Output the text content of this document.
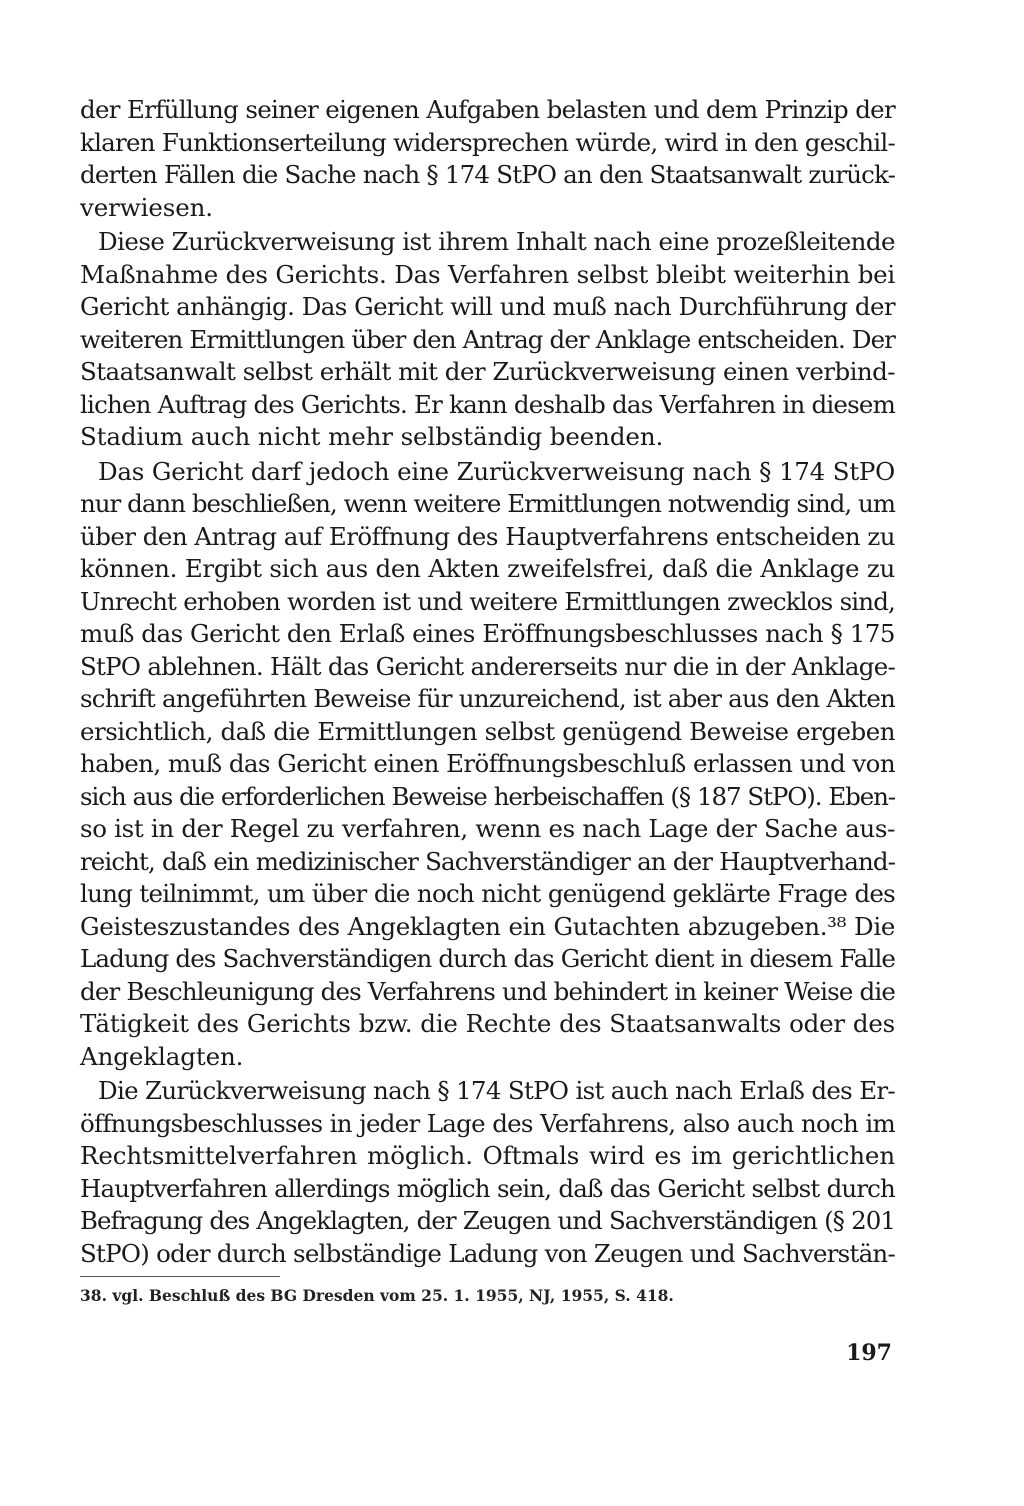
der Erfüllung seiner eigenen Aufgaben belasten und dem Prinzip der
klaren Funktionserteilung widersprechen würde, wird in den geschil-
derten Fällen die Sache nach § 174 StPO an den Staatsanwalt zurück-
verwiesen.

Diese Zurückverweisung ist ihrem Inhalt nach eine prozeßleitende
Maßnahme des Gerichts. Das Verfahren selbst bleibt weiterhin bei
Gericht anhängig. Das Gericht will und muß nach Durchführung der
weiteren Ermittlungen über den Antrag der Anklage entscheiden. Der
Staatsanwalt selbst erhält mit der Zurückverweisung einen verbind-
lichen Auftrag des Gerichts. Er kann deshalb das Verfahren in diesem
Stadium auch nicht mehr selbständig beenden.

Das Gericht darf jedoch eine Zurückverweisung nach § 174 StPO
nur dann beschließen, wenn weitere Ermittlungen notwendig sind, um
über den Antrag auf Eröffnung des Hauptverfahrens entscheiden zu
können. Ergibt sich aus den Akten zweifelsfrei, daß die Anklage zu
Unrecht erhoben worden ist und weitere Ermittlungen zwecklos sind,
muß das Gericht den Erlaß eines Eröffnungsbeschlusses nach § 175
StPO ablehnen. Hält das Gericht andererseits nur die in der Anklage-
schrift angeführten Beweise für unzureichend, ist aber aus den Akten
ersichtlich, daß die Ermittlungen selbst genügend Beweise ergeben
haben, muß das Gericht einen Eröffnungsbeschluß erlassen und von
sich aus die erforderlichen Beweise herbeischaffen (§ 187 StPO). Eben-
so ist in der Regel zu verfahren, wenn es nach Lage der Sache aus-
reicht, daß ein medizinischer Sachverständiger an der Hauptverhand-
lung teilnimmt, um über die noch nicht genügend geklärte Frage des
Geisteszustandes des Angeklagten ein Gutachten abzugeben.³⁸ Die
Ladung des Sachverständigen durch das Gericht dient in diesem Falle
der Beschleunigung des Verfahrens und behindert in keiner Weise die
Tätigkeit des Gerichts bzw. die Rechte des Staatsanwalts oder des
Angeklagten.

Die Zurückverweisung nach § 174 StPO ist auch nach Erlaß des Er-
öffnungsbeschlusses in jeder Lage des Verfahrens, also auch noch im
Rechtsmittelverfahren möglich. Oftmals wird es im gerichtlichen
Hauptverfahren allerdings möglich sein, daß das Gericht selbst durch
Befragung des Angeklagten, der Zeugen und Sachverständigen (§ 201
StPO) oder durch selbständige Ladung von Zeugen und Sachverstän-

38. vgl. Beschluß des BG Dresden vom 25. 1. 1955, NJ, 1955, S. 418.
197
